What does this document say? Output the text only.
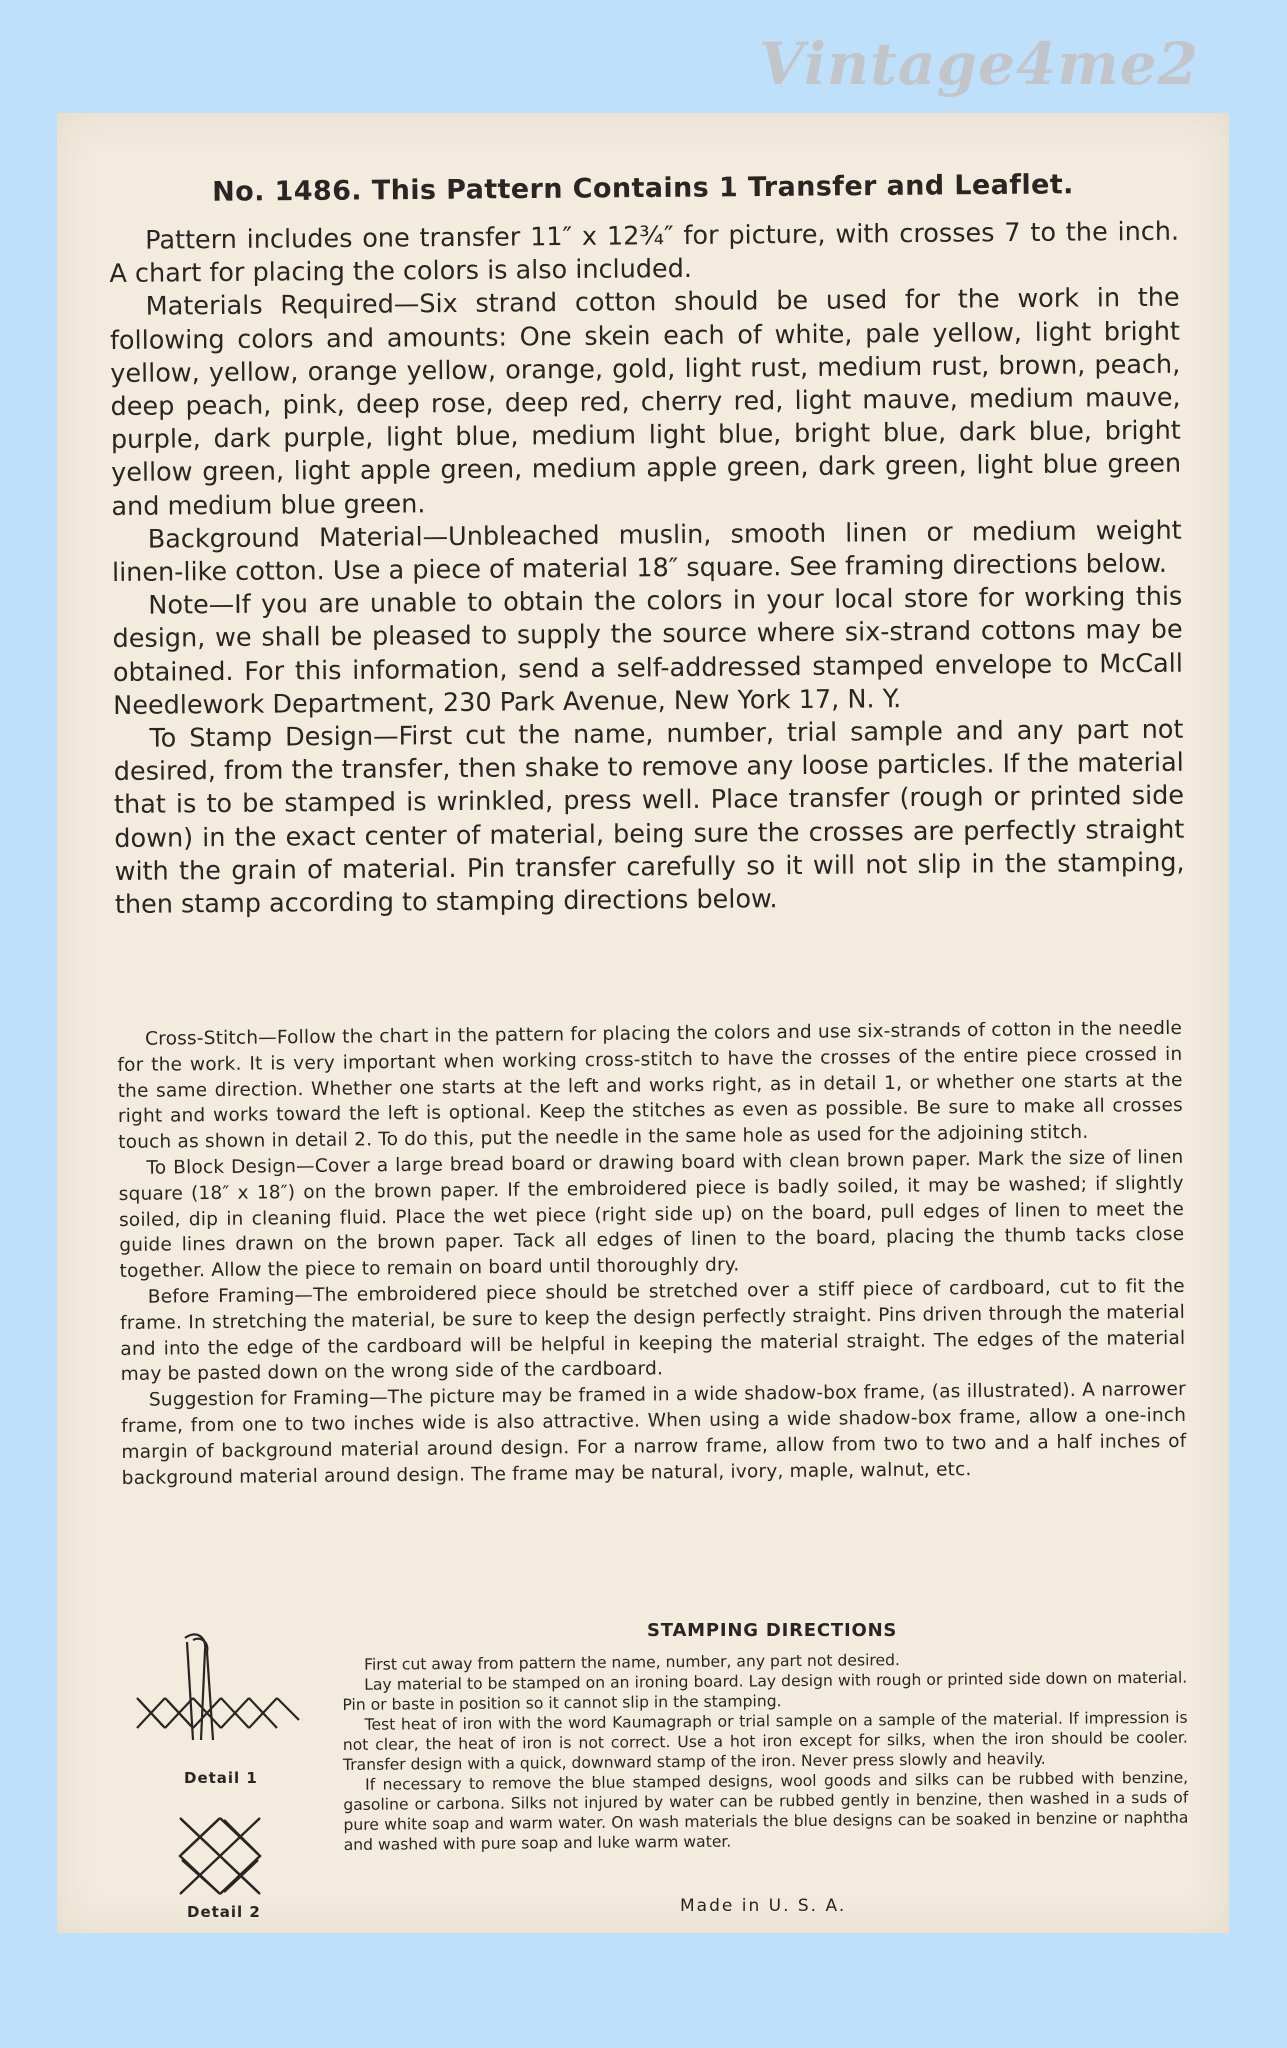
Vintage4me2
No. 1486. This Pattern Contains 1 Transfer and Leaflet.

Pattern includes one transfer 11″ x 12¾″ for picture, with crosses 7 to the inch. A chart for placing the colors is also included.

Materials Required—Six strand cotton should be used for the work in the following colors and amounts: One skein each of white, pale yellow, light bright yellow, yellow, orange yellow, orange, gold, light rust, medium rust, brown, peach, deep peach, pink, deep rose, deep red, cherry red, light mauve, medium mauve, purple, dark purple, light blue, medium light blue, bright blue, dark blue, bright yellow green, light apple green, medium apple green, dark green, light blue green and medium blue green.

Background Material—Unbleached muslin, smooth linen or medium weight linen-like cotton. Use a piece of material 18″ square. See framing directions below.

Note—If you are unable to obtain the colors in your local store for working this design, we shall be pleased to supply the source where six-strand cottons may be obtained. For this information, send a self-addressed stamped envelope to McCall Needlework Department, 230 Park Avenue, New York 17, N. Y.

To Stamp Design—First cut the name, number, trial sample and any part not desired, from the transfer, then shake to remove any loose particles. If the material that is to be stamped is wrinkled, press well. Place transfer (rough or printed side down) in the exact center of material, being sure the crosses are perfectly straight with the grain of material. Pin transfer carefully so it will not slip in the stamping, then stamp according to stamping directions below.

Cross-Stitch—Follow the chart in the pattern for placing the colors and use six-strands of cotton in the needle for the work. It is very important when working cross-stitch to have the crosses of the entire piece crossed in the same direction. Whether one starts at the left and works right, as in detail 1, or whether one starts at the right and works toward the left is optional. Keep the stitches as even as possible. Be sure to make all crosses touch as shown in detail 2. To do this, put the needle in the same hole as used for the adjoining stitch.

To Block Design—Cover a large bread board or drawing board with clean brown paper. Mark the size of linen square (18″ x 18″) on the brown paper. If the embroidered piece is badly soiled, it may be washed; if slightly soiled, dip in cleaning fluid. Place the wet piece (right side up) on the board, pull edges of linen to meet the guide lines drawn on the brown paper. Tack all edges of linen to the board, placing the thumb tacks close together. Allow the piece to remain on board until thoroughly dry.

Before Framing—The embroidered piece should be stretched over a stiff piece of cardboard, cut to fit the frame. In stretching the material, be sure to keep the design perfectly straight. Pins driven through the material and into the edge of the cardboard will be helpful in keeping the material straight. The edges of the material may be pasted down on the wrong side of the cardboard.

Suggestion for Framing—The picture may be framed in a wide shadow-box frame, (as illustrated). A narrower frame, from one to two inches wide is also attractive. When using a wide shadow-box frame, allow a one-inch margin of background material around design. For a narrow frame, allow from two to two and a half inches of background material around design. The frame may be natural, ivory, maple, walnut, etc.

Detail 1
Detail 2
STAMPING DIRECTIONS

First cut away from pattern the name, number, any part not desired.

Lay material to be stamped on an ironing board. Lay design with rough or printed side down on material. Pin or baste in position so it cannot slip in the stamping.

Test heat of iron with the word Kaumagraph or trial sample on a sample of the material. If impression is not clear, the heat of iron is not correct. Use a hot iron except for silks, when the iron should be cooler. Transfer design with a quick, downward stamp of the iron. Never press slowly and heavily.

If necessary to remove the blue stamped designs, wool goods and silks can be rubbed with benzine, gasoline or carbona. Silks not injured by water can be rubbed gently in benzine, then washed in a suds of pure white soap and warm water. On wash materials the blue designs can be soaked in benzine or naphtha and washed with pure soap and luke warm water.

Made in U. S. A.
